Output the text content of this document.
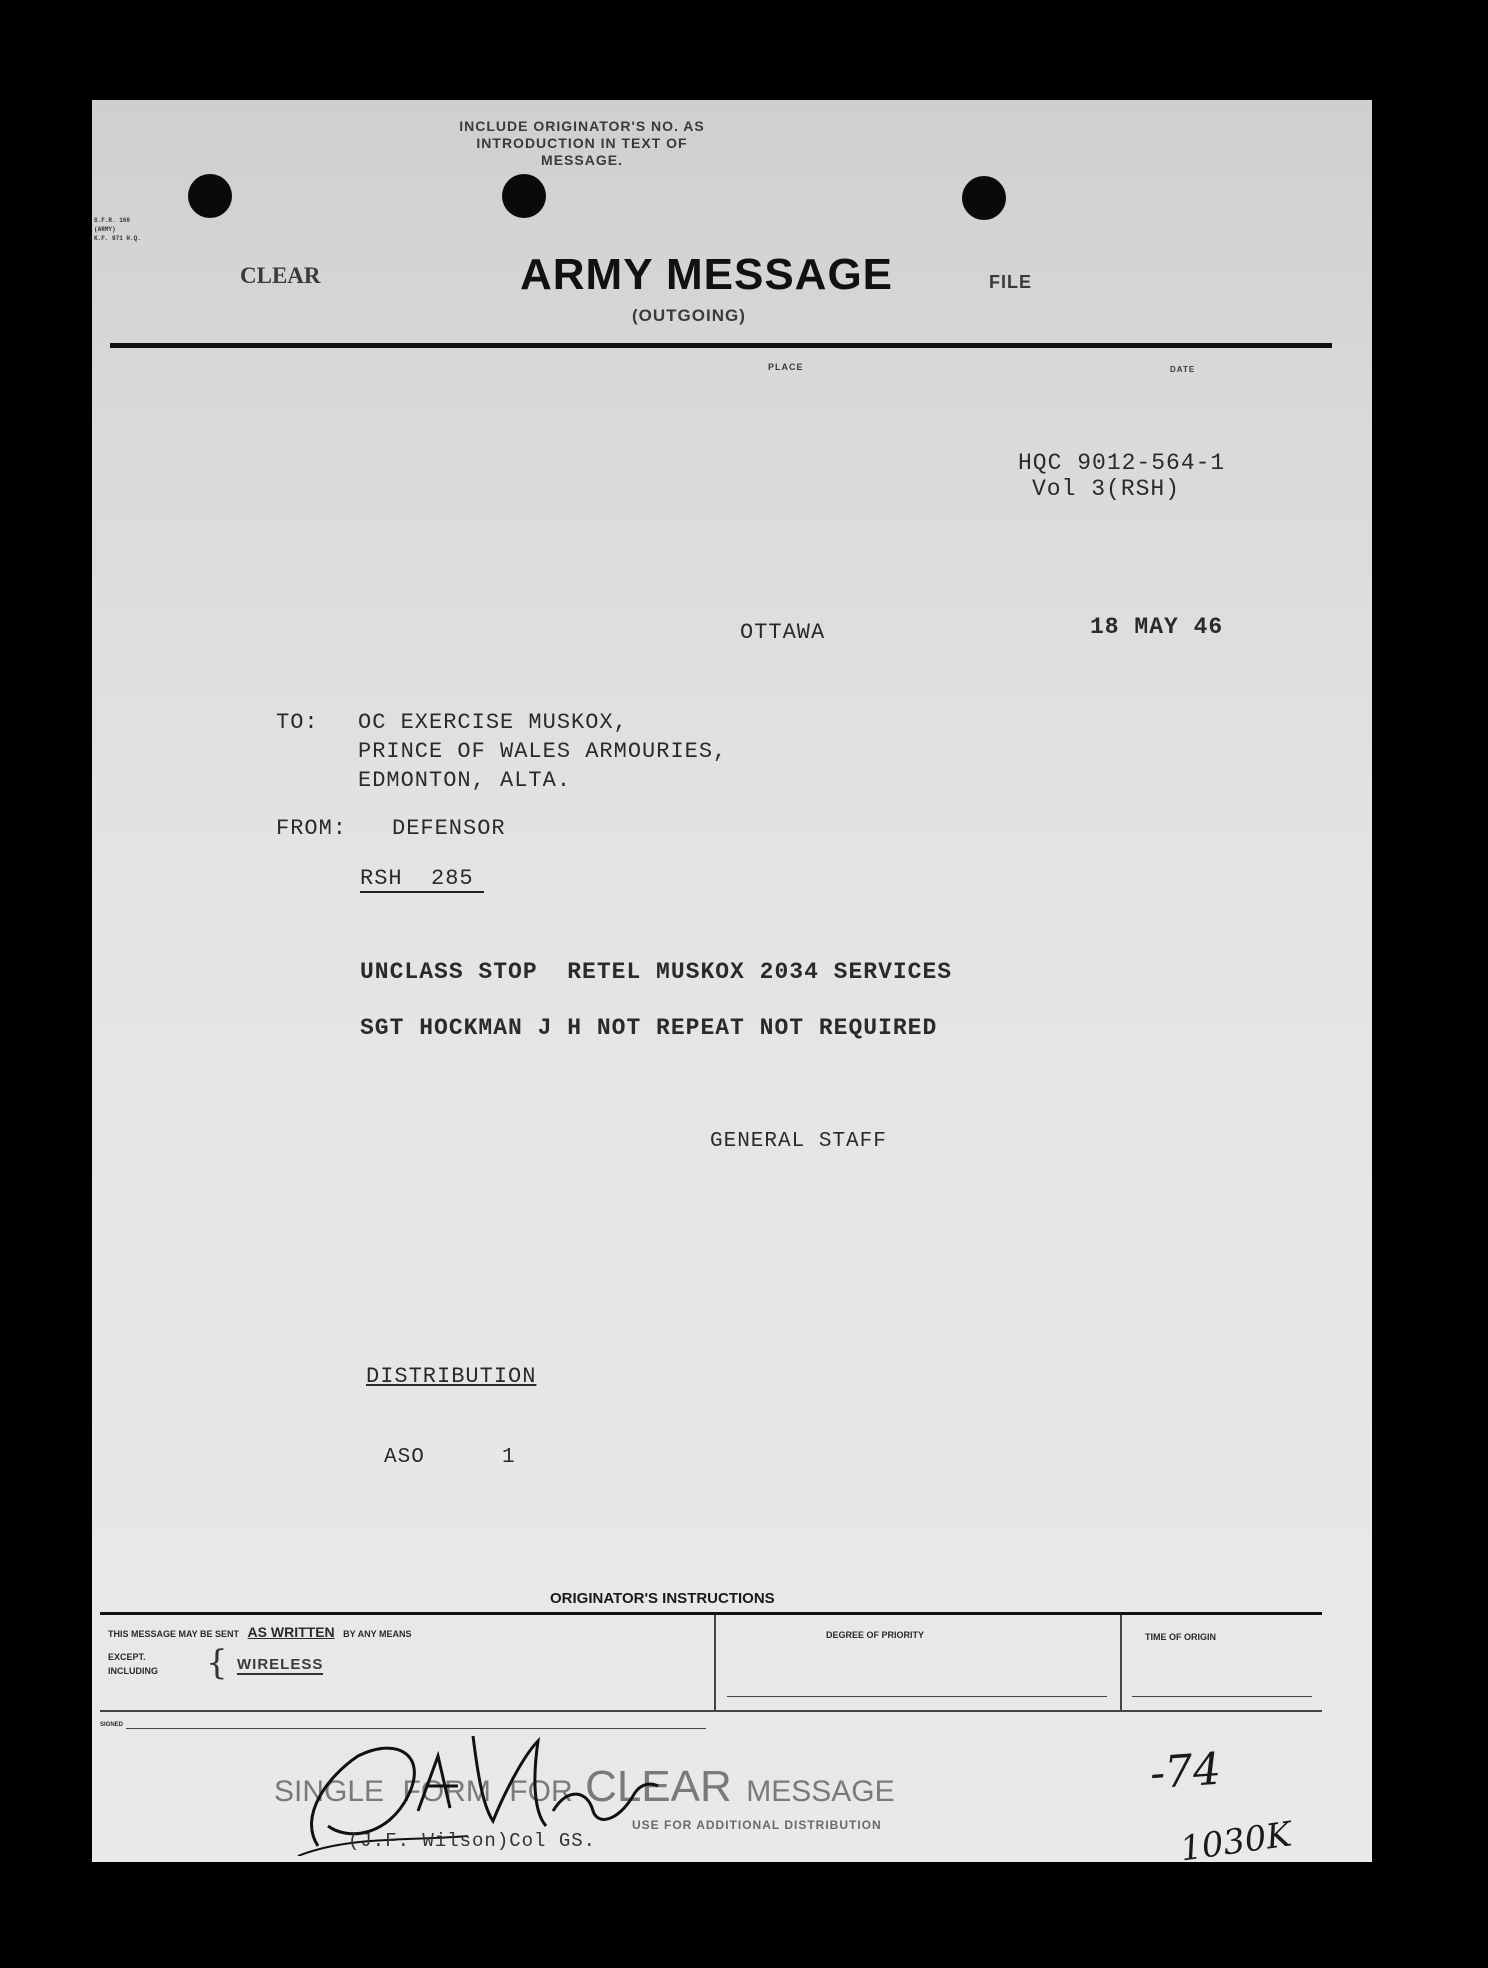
INCLUDE ORIGINATOR'S NO. AS
INTRODUCTION IN TEXT OF
MESSAGE.
S.F.R. 160
(ARMY)
K.F. 971 H.Q.
CLEAR	ARMY MESSAGE
(OUTGOING)
FILE
PLACE	DATE
HQC 9012-564-1
Vol 3(RSH)
OTTAWA	18 MAY 46
TO: OC EXERCISE MUSKOX,
PRINCE OF WALES ARMOURIES,
EDMONTON, ALTA.
FROM: DEFENSOR
RSH  285
UNCLASS STOP  RETEL MUSKOX 2034 SERVICES
SGT HOCKMAN J H NOT REPEAT NOT REQUIRED
GENERAL STAFF
DISTRIBUTION
ASO	1
ORIGINATOR'S INSTRUCTIONS
THIS MESSAGE MAY BE SENT AS WRITTEN BY ANY MEANS
EXCEPT.
INCLUDING { WIRELESS
DEGREE OF PRIORITY	TIME OF ORIGIN
SIGNED
SINGLE FORM FOR CLEAR MESSAGE
USE FOR ADDITIONAL DISTRIBUTION
(J.F. Wilson)Col GS.
-74
1030K
